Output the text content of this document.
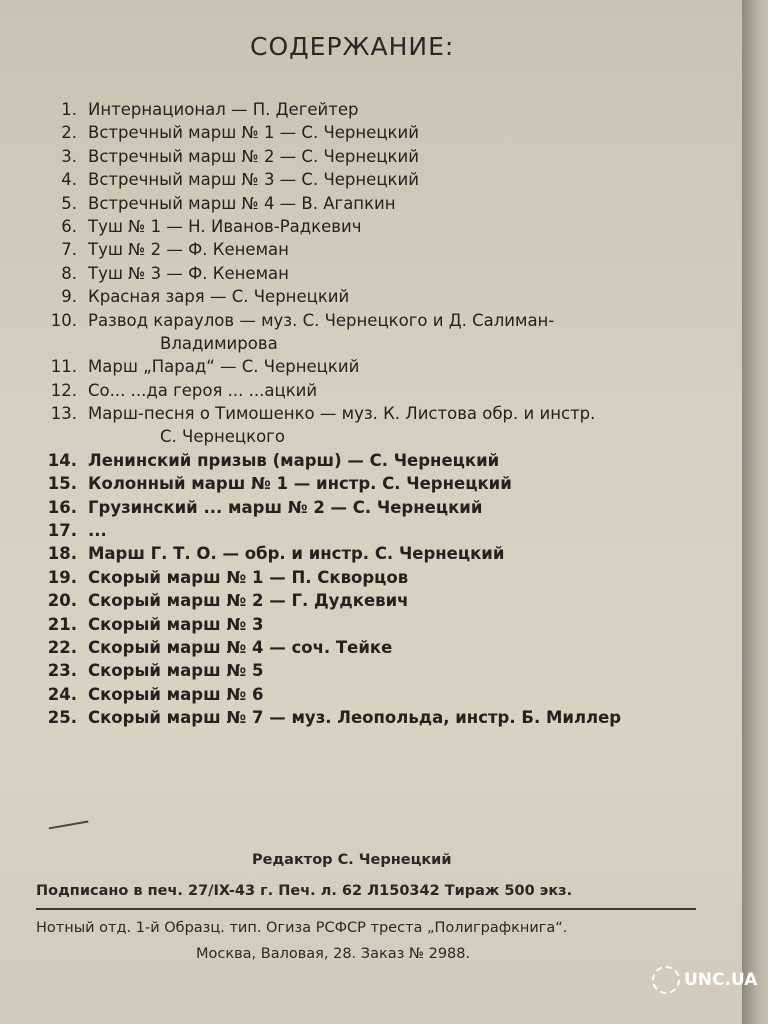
СОДЕРЖАНИЕ:
1. Интернационал — П. Дегейтер
2. Встречный марш № 1 — С. Чернецкий
3. Встречный марш № 2 — С. Чернецкий
4. Встречный марш № 3 — С. Чернецкий
5. Встречный марш № 4 — В. Агапкин
6. Туш № 1 — Н. Иванов-Радкевич
7. Туш № 2 — Ф. Кенеман
8. Туш № 3 — Ф. Кенеман
9. Красная заря — С. Чернецкий
10. Развод караулов — муз. С. Чернецкого и Д. Салиман-
Владимирова
11. Марш „Парад“ — С. Чернецкий
12. Со... ...да героя ... ...ацкий
13. Марш-песня о Тимошенко — муз. К. Листова обр. и инстр.
С. Чернецкого
14. Ленинский призыв (марш) — С. Чернецкий
15. Колонный марш № 1 — инстр. С. Чернецкий
16. Грузинский ... марш № 2 — С. Чернецкий
17. ...
18. Марш Г. Т. О. — обр. и инстр. С. Чернецкий
19. Скорый марш № 1 — П. Скворцов
20. Скорый марш № 2 — Г. Дудкевич
21. Скорый марш № 3
22. Скорый марш № 4 — соч. Тейке
23. Скорый марш № 5
24. Скорый марш № 6
25. Скорый марш № 7 — муз. Леопольда, инстр. Б. Миллер
Редактор С. Чернецкий
Подписано в печ. 27/IX-43 г. Печ. л. 62 Л150342 Тираж 500 экз.
Нотный отд. 1-й Образц. тип. Огиза РСФСР треста „Полиграфкнига“.
Москва, Валовая, 28. Заказ № 2988.
UNC.UA
